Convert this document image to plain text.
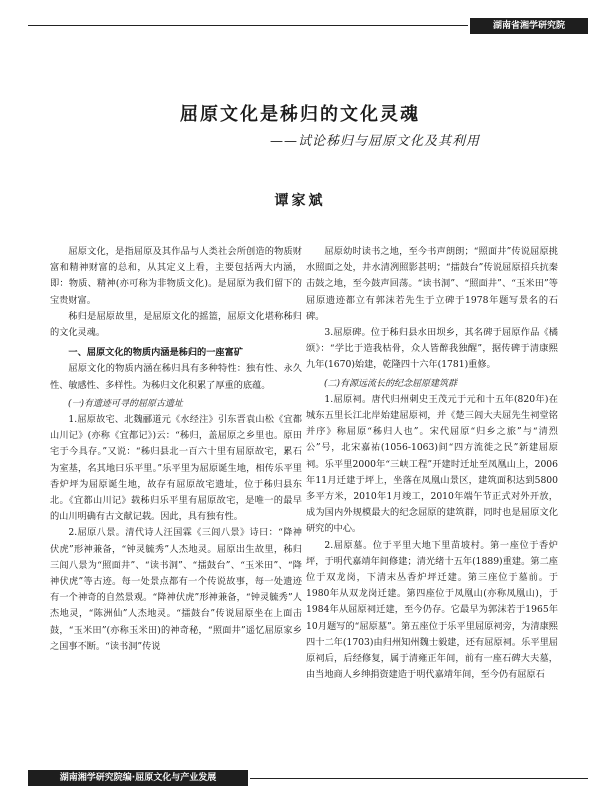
湖南省湘学研究院
屈原文化是秭归的文化灵魂
——试论秭归与屈原文化及其利用
谭家斌

屈原文化，是指屈原及其作品与人类社会所创造的物质财富和精神财富的总和，从其定义上看，主要包括两大内涵，即：物质、精神(亦可称为非物质文化)。是屈原为我们留下的宝贵财富。

秭归是屈原故里，是屈原文化的摇篮，屈原文化堪称秭归的文化灵魂。

一、屈原文化的物质内涵是秭归的一座富矿

屈原文化的物质内涵在秭归具有多种特性：独有性、永久性、敏感性、多样性。为秭归文化积累了厚重的底蕴。

(一)有遗迹可寻的屈原古遗址

1.屈原故宅、北魏郦道元《水经注》引东晋袁山松《宜都山川记》(亦称《宜都记》)云：“秭归，盖屈原之乡里也。原田宅于今具存。”又说：“秭归县北一百六十里有屈原故宅，累石为室基，名其地曰乐平里。”乐平里为屈原诞生地，相传乐平里香炉坪为屈原诞生地，故存有屈原故宅遗址，位于秭归县东北。《宜都山川记》载秭归乐平里有屈原故宅，是唯一的最早的山川明确有古文献记载。因此，具有独有性。

2.屈原八景。清代诗人汪国霖《三闾八景》诗曰：“降神伏虎”形神兼备，“钟灵毓秀”人杰地灵。屈原出生故里，秭归三闾八景为“照面井”、“读书洞”、“擂鼓台”、“玉米田”、“降神伏虎”等古迹。每一处景点都有一个传说故事，每一处遗迹有一个神奇的自然景观。“降神伏虎”形神兼备，“钟灵毓秀”人杰地灵，“陈洲仙”人杰地灵。“擂鼓台”传说屈原坐在上面击鼓，“玉米田”(亦称玉米田)的神奇秘，“照面井”遥忆屈原家乡之国事不断。“读书洞”传说

屈原幼时读书之地，至今书声朗朗；“照面井”传说屈原挑水照面之处，井水清冽照影甚明；“擂鼓台”传说屈原招兵抗秦击鼓之地，至今鼓声回荡。“读书洞”、“照面井”、“玉米田”等屈原遗迹都立有郭沫若先生于立碑于1978年题写景名的石碑。

3.屈原碑。位于秭归县水田坝乡，其名碑于屈原作品《橘颂》：“学比于造我枯骨，众人皆醉我独醒”，据传碑于清康熙九年(1670)始建，乾隆四十六年(1781)重修。

(二)有源远流长的纪念屈原建筑群

1.屈原祠。唐代归州刺史王茂元于元和十五年(820年)在城东五里长江北岸始建屈原祠，并《楚三闾大夫屈先生祠堂铭并序》称屈原“秭归人也”。宋代屈原“归乡之旅”与“清烈公”号，北宋嘉祐(1056-1063)间“四方流徙之民”新建屈原祠。乐平里2000年“三峡工程”开建时迁址至凤凰山上，2006年11月迁建于坪上，坐落在凤凰山景区，建筑面积达到5800多平方米，2010年1月竣工，2010年端午节正式对外开放，成为国内外规模最大的纪念屈原的建筑群，同时也是屈原文化研究的中心。

2.屈原墓。位于平里大地下里苗坡村。第一座位于香炉坪，于明代嘉靖年间修建；清光绪十五年(1889)重建。第二座位于双龙岗，下清末丛香炉坪迁建。第三座位于墓前。于1980年从双龙岗迁建。第四座位于凤凰山(亦称凤凰山)，于1984年从屈原祠迁建，至今仍存。它最早为郭沫若于1965年10月题写的“屈原墓”。第五座位于乐平里屈原祠旁，为清康熙四十二年(1703)由归州知州魏士毅建，还有屈原祠。乐平里屈原祠后，后经修复，属于清雍正年间，前有一座石碑大夫墓，由当地商人乡绅捐资建造于明代嘉靖年间，至今仍有屈原石

湖南湘学研究院编·屈原文化与产业发展
